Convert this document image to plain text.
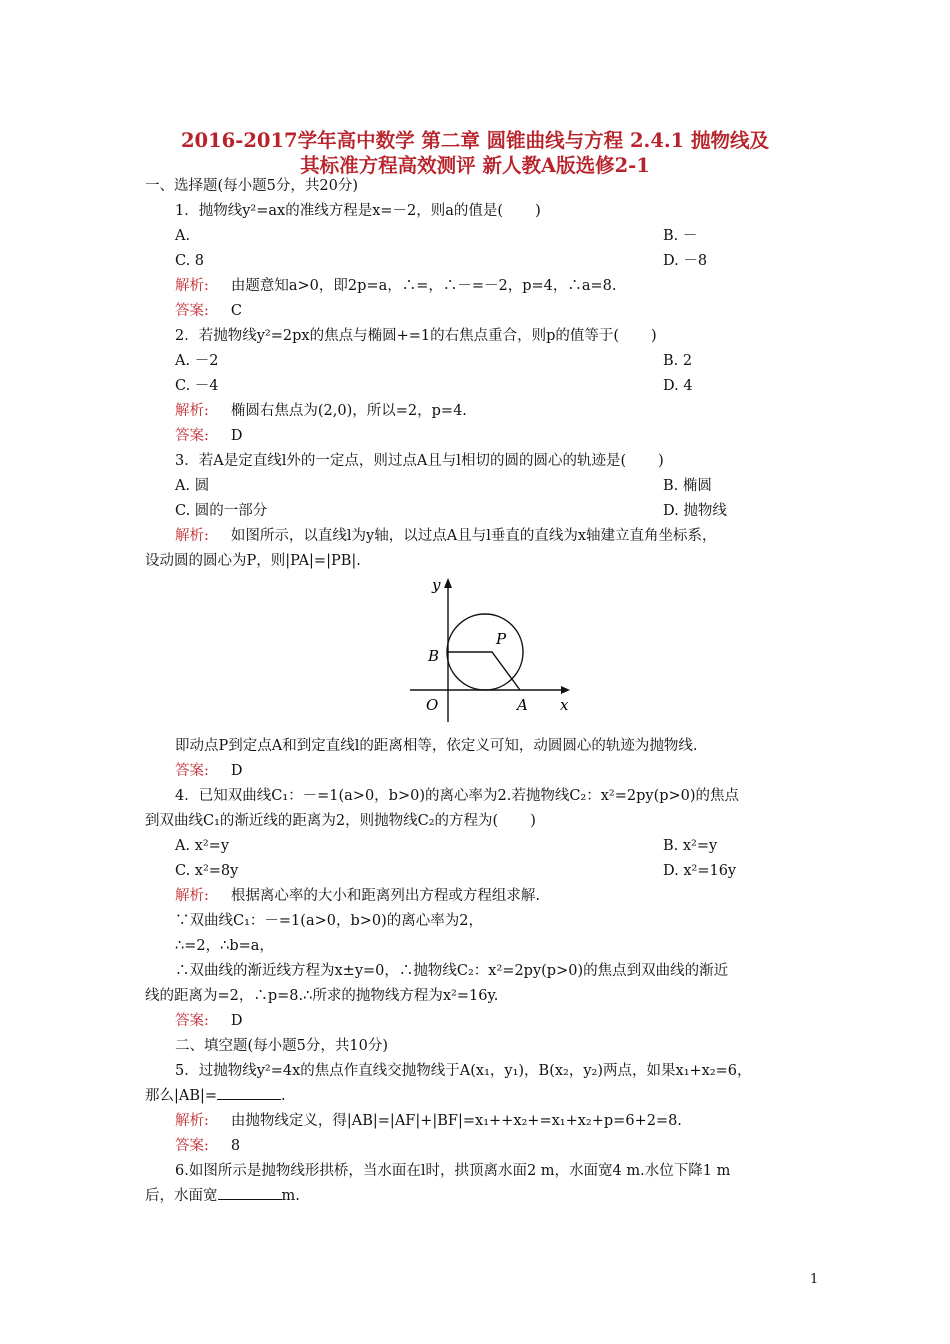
2016-2017学年高中数学 第二章 圆锥曲线与方程 2.4.1 抛物线及
其标准方程高效测评 新人教A版选修2-1
一、选择题(每小题5分，共20分)
1．抛物线y²=ax的准线方程是x=－2，则a的值是( )
A.	B. －
C. 8	D. －8
解析: 由题意知a>0，即2p=a，∴=，∴－=－2，p=4，∴a=8.
答案: C
2．若抛物线y²=2px的焦点与椭圆+=1的右焦点重合，则p的值等于( )
A. －2	B. 2
C. －4	D. 4
解析: 椭圆右焦点为(2,0)，所以=2，p=4.
答案: D
3．若A是定直线l外的一定点，则过点A且与l相切的圆的圆心的轨迹是( )
A. 圆	B. 椭圆
C. 圆的一部分	D. 抛物线
解析: 如图所示，以直线l为y轴，以过点A且与l垂直的直线为x轴建立直角坐标系，
设动圆的圆心为P，则|PA|=|PB|.
y
x
O	A
B
P
即动点P到定点A和到定直线l的距离相等，依定义可知，动圆圆心的轨迹为抛物线.
答案: D
4．已知双曲线C₁：－=1(a>0，b>0)的离心率为2.若抛物线C₂：x²=2py(p>0)的焦点
到双曲线C₁的渐近线的距离为2，则抛物线C₂的方程为( )
A. x²=y	B. x²=y
C. x²=8y	D. x²=16y
解析: 根据离心率的大小和距离列出方程或方程组求解.
∵双曲线C₁：－=1(a>0，b>0)的离心率为2，
∴=2，∴b=a，
∴双曲线的渐近线方程为x±y=0，∴抛物线C₂：x²=2py(p>0)的焦点到双曲线的渐近
线的距离为=2，∴p=8.∴所求的抛物线方程为x²=16y.
答案: D
二、填空题(每小题5分，共10分)
5．过抛物线y²=4x的焦点作直线交抛物线于A(x₁，y₁)，B(x₂，y₂)两点，如果x₁+x₂=6，
那么|AB|=	.
解析: 由抛物线定义，得|AB|=|AF|+|BF|=x₁++x₂+=x₁+x₂+p=6+2=8.
答案: 8
6.如图所示是抛物线形拱桥，当水面在l时，拱顶离水面2 m，水面宽4 m.水位下降1 m
后，水面宽	m.
1
